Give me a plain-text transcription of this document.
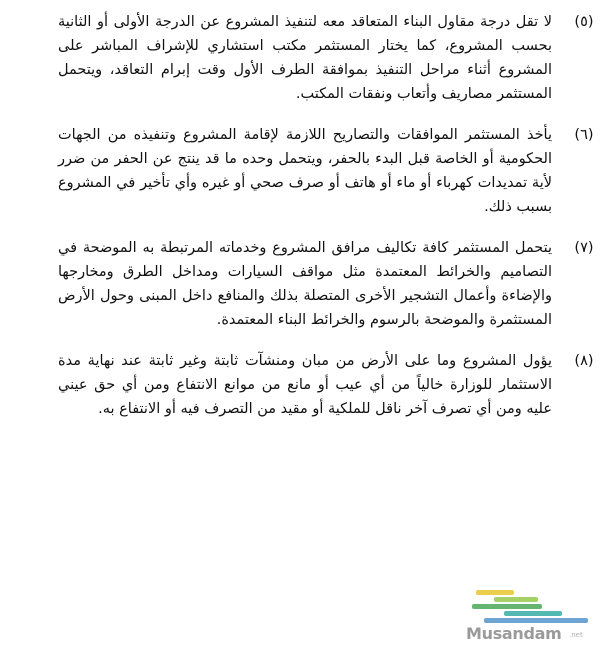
(٥)

لا تقل درجة مقاول البناء المتعاقد معه لتنفيذ المشروع عن الدرجة الأولى أو الثانية بحسب المشروع، كما يختار المستثمر مكتب استشاري للإشراف المباشر على المشروع أثناء مراحل التنفيذ بموافقة الطرف الأول وقت إبرام التعاقد، ويتحمل المستثمر مصاريف وأتعاب ونفقات المكتب.

(٦)

يأخذ المستثمر الموافقات والتصاريح اللازمة لإقامة المشروع وتنفيذه من الجهات الحكومية أو الخاصة قبل البدء بالحفر، ويتحمل وحده ما قد ينتج عن الحفر من ضرر لأية تمديدات كهرباء أو ماء أو هاتف أو صرف صحي أو غيره وأي تأخير في المشروع بسبب ذلك.

(٧)

يتحمل المستثمر كافة تكاليف مرافق المشروع وخدماته المرتبطة به الموضحة في التصاميم والخرائط المعتمدة مثل مواقف السيارات ومداخل الطرق ومخارجها والإضاءة وأعمال التشجير الأخرى المتصلة بذلك والمنافع داخل المبنى وحول الأرض المستثمرة والموضحة بالرسوم والخرائط البناء المعتمدة.

(٨)

يؤول المشروع وما على الأرض من مبان ومنشآت ثابتة وغير ثابتة عند نهاية مدة الاستثمار للوزارة خالياً من أي عيب أو مانع من موانع الانتفاع ومن أي حق عيني عليه ومن أي تصرف آخر ناقل للملكية أو مقيد من التصرف فيه أو الانتفاع به.

Musandam .net
